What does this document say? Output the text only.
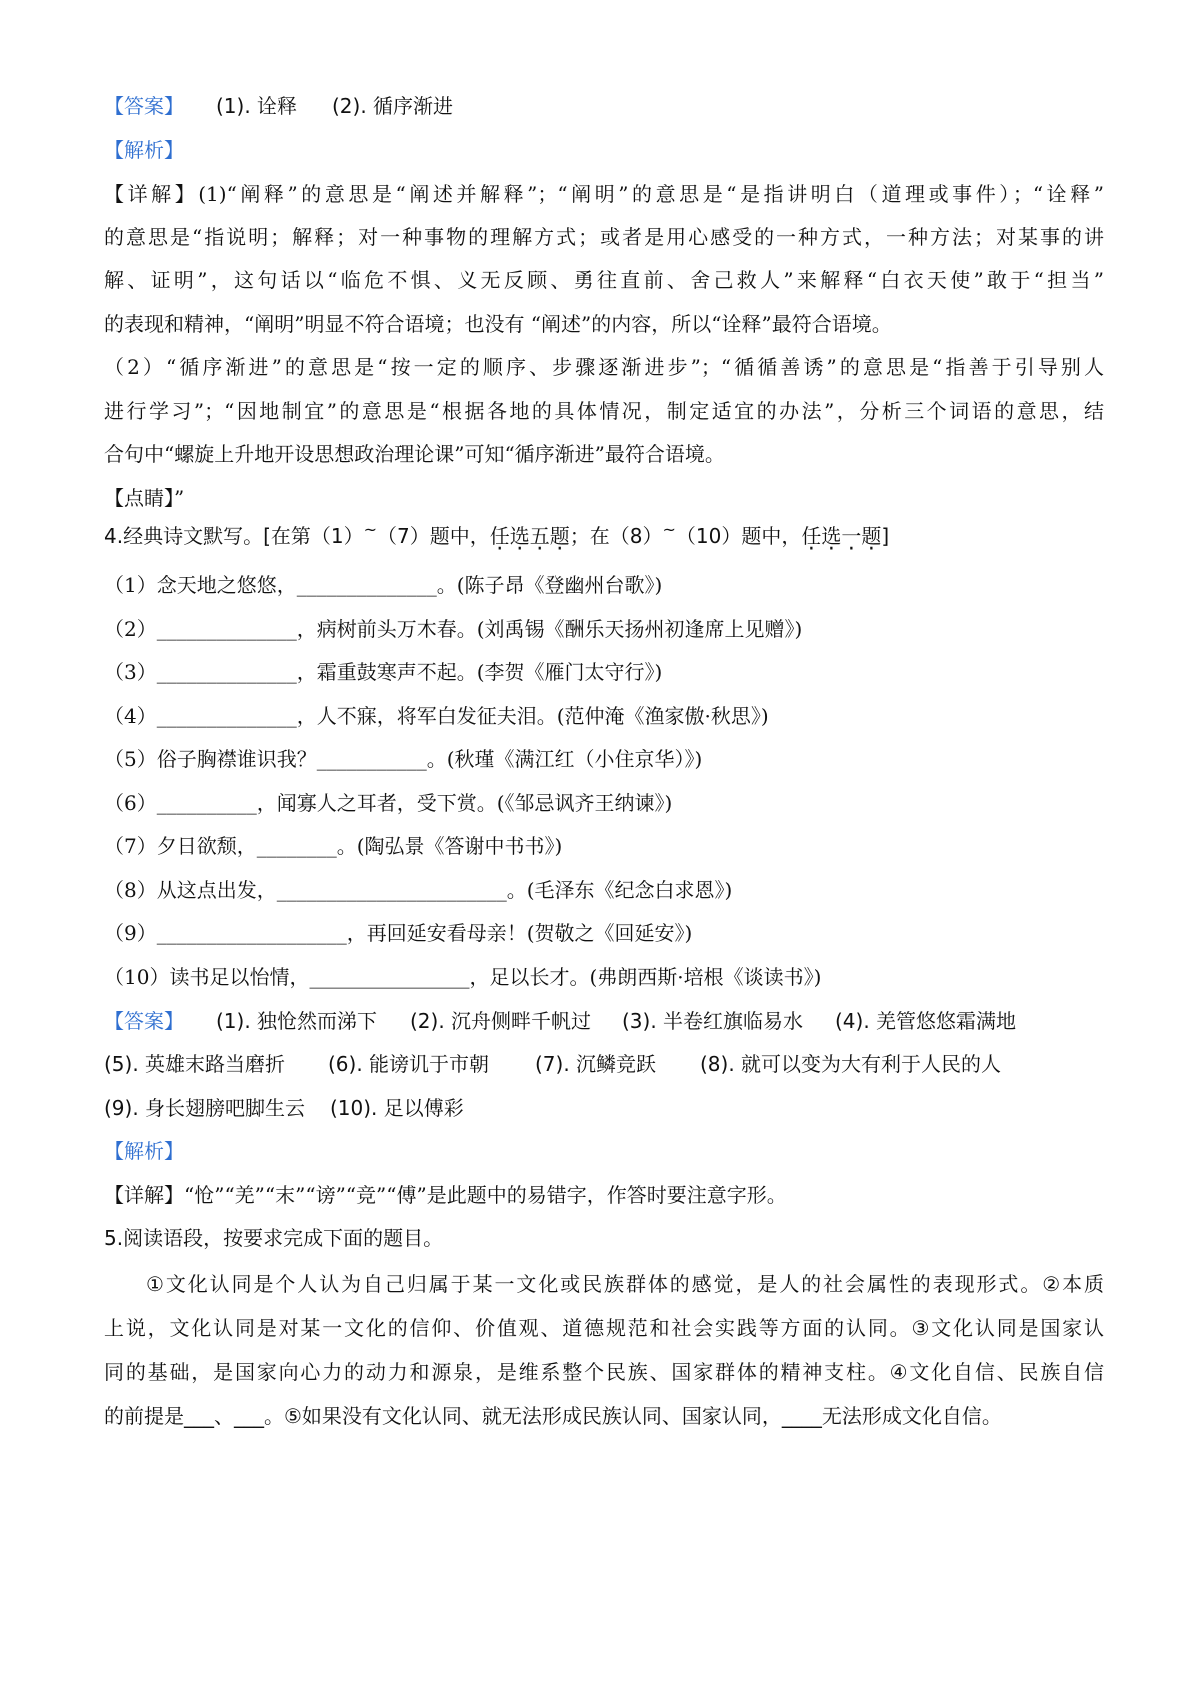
【答案】	(1). 诠释 (2). 循序渐进
【解析】
【详解】(1)“阐释”的意思是“阐述并解释”；“阐明”的意思是“是指讲明白（道理或事件）；“诠释”
的意思是“指说明；解释；对一种事物的理解方式；或者是用心感受的一种方式，一种方法；对某事的讲
解、证明”，这句话以“临危不惧、义无反顾、勇往直前、舍己救人”来解释“白衣天使”敢于“担当”
的表现和精神，“阐明”明显不符合语境；也没有 “阐述”的内容，所以“诠释”最符合语境。
（2）“循序渐进”的意思是“按一定的顺序、步骤逐渐进步”；“循循善诱”的意思是“指善于引导别人
进行学习”；“因地制宜”的意思是“根据各地的具体情况，制定适宜的办法”，分析三个词语的意思，结
合句中“螺旋上升地开设思想政治理论课”可知“循序渐进”最符合语境。
【点睛】”
4.经典诗文默写。[在第（1）~（7）题中，任选五题；在（8）~（10）题中，任选一题]
（1）念天地之悠悠，______________。(陈子昂《登幽州台歌》)
（2）______________，病树前头万木春。(刘禹锡《酬乐天扬州初逢席上见赠》)
（3）______________，霜重鼓寒声不起。(李贺《雁门太守行》)
（4）______________，人不寐，将军白发征夫泪。(范仲淹《渔家傲·秋思》)
（5）俗子胸襟谁识我？___________。(秋瑾《满江红（小住京华）》)
（6）__________，闻寡人之耳者，受下赏。(《邹忌讽齐王纳谏》)
（7）夕日欲颓，________。(陶弘景《答谢中书书》)
（8）从这点出发，_______________________。(毛泽东《纪念白求恩》)
（9）___________________，再回延安看母亲！(贺敬之《回延安》)
（10）读书足以怡情，________________，足以长才。(弗朗西斯·培根《谈读书》)
【答案】	(1). 独怆然而涕下 (2). 沉舟侧畔千帆过 (3). 半卷红旗临易水 (4). 羌管悠悠霜满地
(5). 英雄末路当磨折 (6). 能谤讥于市朝 (7). 沉鳞竞跃 (8). 就可以变为大有利于人民的人
(9). 身长翅膀吧脚生云 (10). 足以傅彩
【解析】
【详解】“怆”“羌”“末”“谤”“竞”“傅”是此题中的易错字，作答时要注意字形。
5.阅读语段，按要求完成下面的题目。
①文化认同是个人认为自己归属于某一文化或民族群体的感觉，是人的社会属性的表现形式。②本质
上说，文化认同是对某一文化的信仰、价值观、道德规范和社会实践等方面的认同。③文化认同是国家认
同的基础，是国家向心力的动力和源泉，是维系整个民族、国家群体的精神支柱。④文化自信、民族自信
的前提是___、___。⑤如果没有文化认同、就无法形成民族认同、国家认同，____无法形成文化自信。
